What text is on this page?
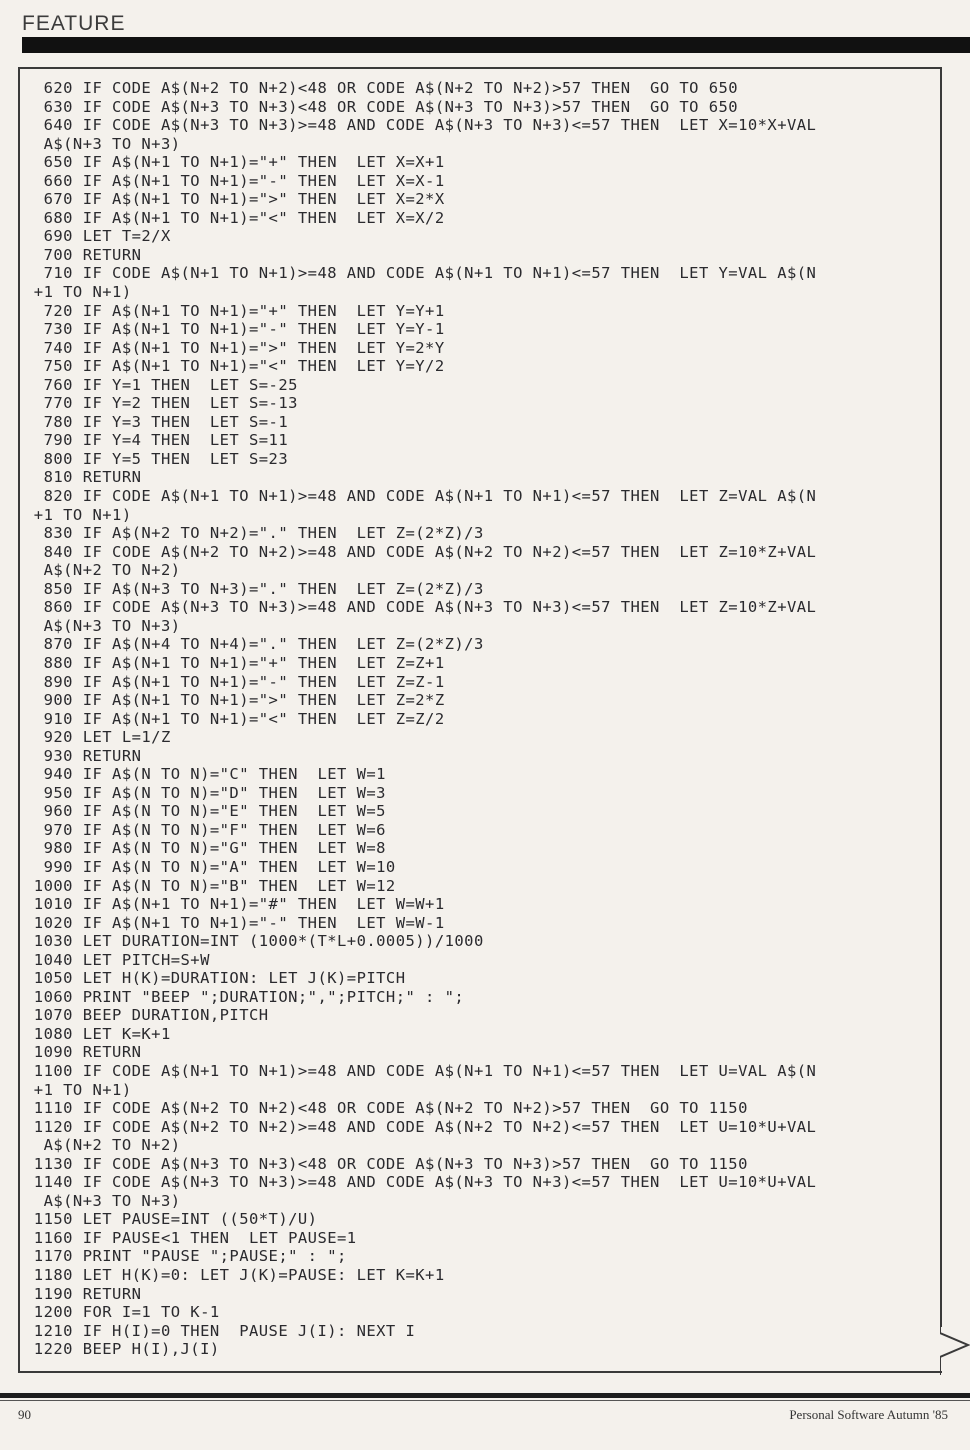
FEATURE
620 IF CODE A$(N+2 TO N+2)<48 OR CODE A$(N+2 TO N+2)>57 THEN  GO TO 650
630 IF CODE A$(N+3 TO N+3)<48 OR CODE A$(N+3 TO N+3)>57 THEN  GO TO 650
640 IF CODE A$(N+3 TO N+3)>=48 AND CODE A$(N+3 TO N+3)<=57 THEN  LET X=10*X+VAL
A$(N+3 TO N+3)
650 IF A$(N+1 TO N+1)="+" THEN  LET X=X+1
660 IF A$(N+1 TO N+1)="-" THEN  LET X=X-1
670 IF A$(N+1 TO N+1)=">" THEN  LET X=2*X
680 IF A$(N+1 TO N+1)="<" THEN  LET X=X/2
690 LET T=2/X
700 RETURN
710 IF CODE A$(N+1 TO N+1)>=48 AND CODE A$(N+1 TO N+1)<=57 THEN  LET Y=VAL A$(N
+1 TO N+1)
720 IF A$(N+1 TO N+1)="+" THEN  LET Y=Y+1
730 IF A$(N+1 TO N+1)="-" THEN  LET Y=Y-1
740 IF A$(N+1 TO N+1)=">" THEN  LET Y=2*Y
750 IF A$(N+1 TO N+1)="<" THEN  LET Y=Y/2
760 IF Y=1 THEN  LET S=-25
770 IF Y=2 THEN  LET S=-13
780 IF Y=3 THEN  LET S=-1
790 IF Y=4 THEN  LET S=11
800 IF Y=5 THEN  LET S=23
810 RETURN
820 IF CODE A$(N+1 TO N+1)>=48 AND CODE A$(N+1 TO N+1)<=57 THEN  LET Z=VAL A$(N
+1 TO N+1)
830 IF A$(N+2 TO N+2)="." THEN  LET Z=(2*Z)/3
840 IF CODE A$(N+2 TO N+2)>=48 AND CODE A$(N+2 TO N+2)<=57 THEN  LET Z=10*Z+VAL
A$(N+2 TO N+2)
850 IF A$(N+3 TO N+3)="." THEN  LET Z=(2*Z)/3
860 IF CODE A$(N+3 TO N+3)>=48 AND CODE A$(N+3 TO N+3)<=57 THEN  LET Z=10*Z+VAL
A$(N+3 TO N+3)
870 IF A$(N+4 TO N+4)="." THEN  LET Z=(2*Z)/3
880 IF A$(N+1 TO N+1)="+" THEN  LET Z=Z+1
890 IF A$(N+1 TO N+1)="-" THEN  LET Z=Z-1
900 IF A$(N+1 TO N+1)=">" THEN  LET Z=2*Z
910 IF A$(N+1 TO N+1)="<" THEN  LET Z=Z/2
920 LET L=1/Z
930 RETURN
940 IF A$(N TO N)="C" THEN  LET W=1
950 IF A$(N TO N)="D" THEN  LET W=3
960 IF A$(N TO N)="E" THEN  LET W=5
970 IF A$(N TO N)="F" THEN  LET W=6
980 IF A$(N TO N)="G" THEN  LET W=8
990 IF A$(N TO N)="A" THEN  LET W=10
1000 IF A$(N TO N)="B" THEN  LET W=12
1010 IF A$(N+1 TO N+1)="#" THEN  LET W=W+1
1020 IF A$(N+1 TO N+1)="-" THEN  LET W=W-1
1030 LET DURATION=INT (1000*(T*L+0.0005))/1000
1040 LET PITCH=S+W
1050 LET H(K)=DURATION: LET J(K)=PITCH
1060 PRINT "BEEP ";DURATION;",";PITCH;" : ";
1070 BEEP DURATION,PITCH
1080 LET K=K+1
1090 RETURN
1100 IF CODE A$(N+1 TO N+1)>=48 AND CODE A$(N+1 TO N+1)<=57 THEN  LET U=VAL A$(N
+1 TO N+1)
1110 IF CODE A$(N+2 TO N+2)<48 OR CODE A$(N+2 TO N+2)>57 THEN  GO TO 1150
1120 IF CODE A$(N+2 TO N+2)>=48 AND CODE A$(N+2 TO N+2)<=57 THEN  LET U=10*U+VAL
A$(N+2 TO N+2)
1130 IF CODE A$(N+3 TO N+3)<48 OR CODE A$(N+3 TO N+3)>57 THEN  GO TO 1150
1140 IF CODE A$(N+3 TO N+3)>=48 AND CODE A$(N+3 TO N+3)<=57 THEN  LET U=10*U+VAL
A$(N+3 TO N+3)
1150 LET PAUSE=INT ((50*T)/U)
1160 IF PAUSE<1 THEN  LET PAUSE=1
1170 PRINT "PAUSE ";PAUSE;" : ";
1180 LET H(K)=0: LET J(K)=PAUSE: LET K=K+1
1190 RETURN
1200 FOR I=1 TO K-1
1210 IF H(I)=0 THEN  PAUSE J(I): NEXT I
1220 BEEP H(I),J(I)
90	Personal Software Autumn '85
